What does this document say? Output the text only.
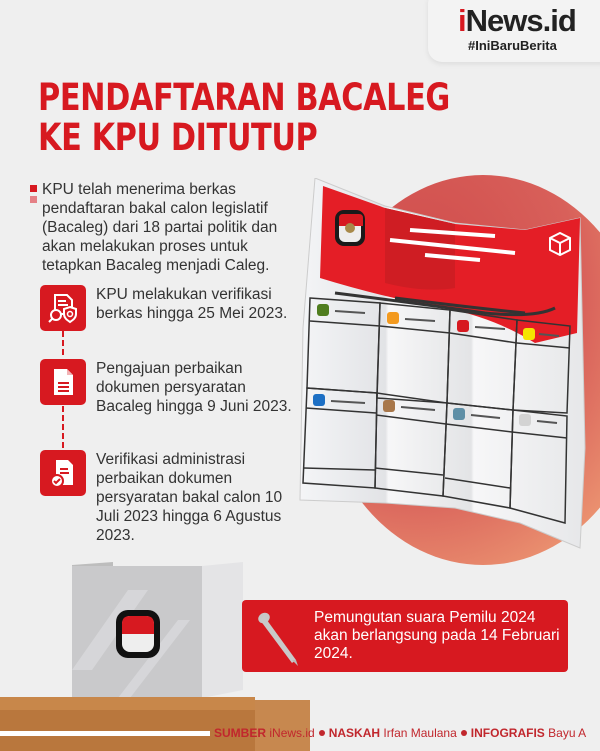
iNews.id
#IniBaruBerita
PENDAFTARAN BACALEG
KE KPU DITUTUP
KPU telah menerima berkas pendaftaran bakal calon legislatif (Bacaleg) dari 18 partai politik dan akan melakukan proses untuk tetapkan Bacaleg menjadi Caleg.
KPU melakukan verifikasi berkas hingga 25 Mei 2023.
Pengajuan perbaikan dokumen persyaratan Bacaleg hingga 9 Juni 2023.
Verifikasi administrasi perbaikan dokumen persyaratan bakal calon 10 Juli 2023 hingga 6 Agustus 2023.
Pemungutan suara Pemilu 2024 akan berlangsung pada 14 Februari 2024.
SUMBER iNews.id NASKAH Irfan Maulana INFOGRAFIS Bayu A
